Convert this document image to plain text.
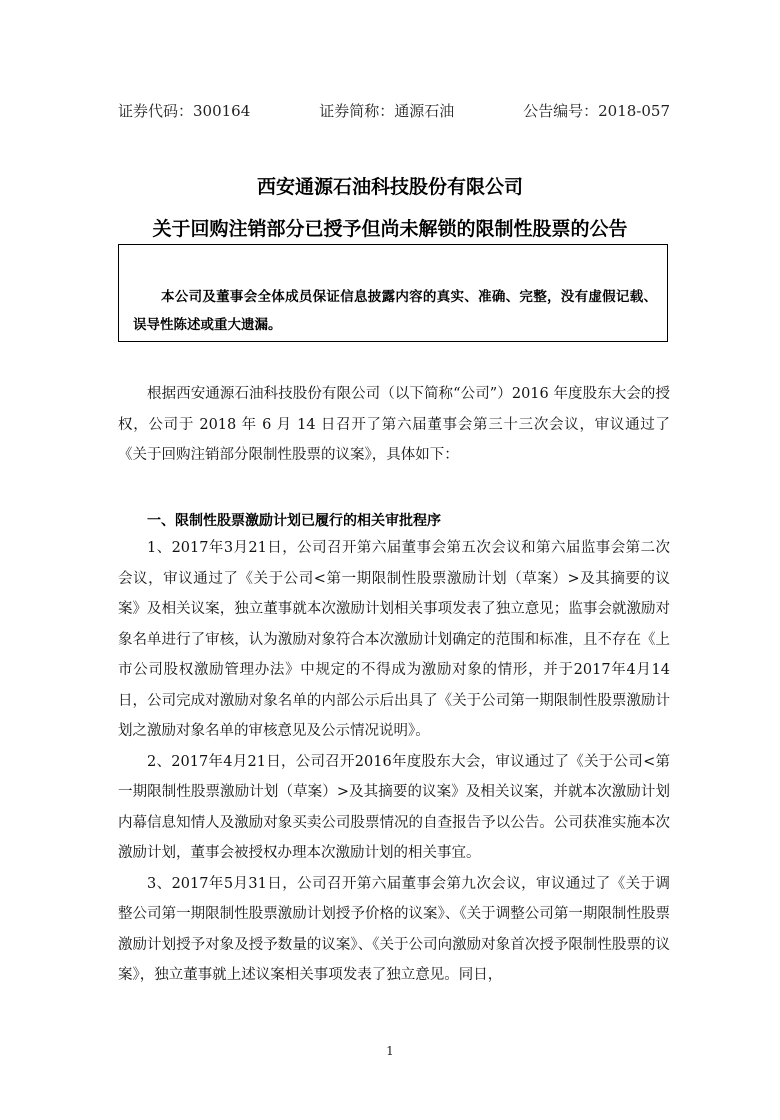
证券代码：300164	证券简称：通源石油	公告编号：2018-057
西安通源石油科技股份有限公司
关于回购注销部分已授予但尚未解锁的限制性股票的公告
本公司及董事会全体成员保证信息披露内容的真实、准确、完整，没有虚假记载、误导性陈述或重大遗漏。

根据西安通源石油科技股份有限公司（以下简称“公司”）2016 年度股东大会的授权，公司于 2018 年 6 月 14 日召开了第六届董事会第三十三次会议，审议通过了《关于回购注销部分限制性股票的议案》，具体如下：

一、限制性股票激励计划已履行的相关审批程序

1、2017年3月21日，公司召开第六届董事会第五次会议和第六届监事会第二次会议，审议通过了《关于公司<第一期限制性股票激励计划（草案）>及其摘要的议案》及相关议案，独立董事就本次激励计划相关事项发表了独立意见；监事会就激励对象名单进行了审核，认为激励对象符合本次激励计划确定的范围和标准，且不存在《上市公司股权激励管理办法》中规定的不得成为激励对象的情形，并于2017年4月14日，公司完成对激励对象名单的内部公示后出具了《关于公司第一期限制性股票激励计划之激励对象名单的审核意见及公示情况说明》。

2、2017年4月21日，公司召开2016年度股东大会，审议通过了《关于公司<第一期限制性股票激励计划（草案）>及其摘要的议案》及相关议案，并就本次激励计划内幕信息知情人及激励对象买卖公司股票情况的自查报告予以公告。公司获准实施本次激励计划，董事会被授权办理本次激励计划的相关事宜。

3、2017年5月31日，公司召开第六届董事会第九次会议，审议通过了《关于调整公司第一期限制性股票激励计划授予价格的议案》、《关于调整公司第一期限制性股票激励计划授予对象及授予数量的议案》、《关于公司向激励对象首次授予限制性股票的议案》，独立董事就上述议案相关事项发表了独立意见。同日，

1
